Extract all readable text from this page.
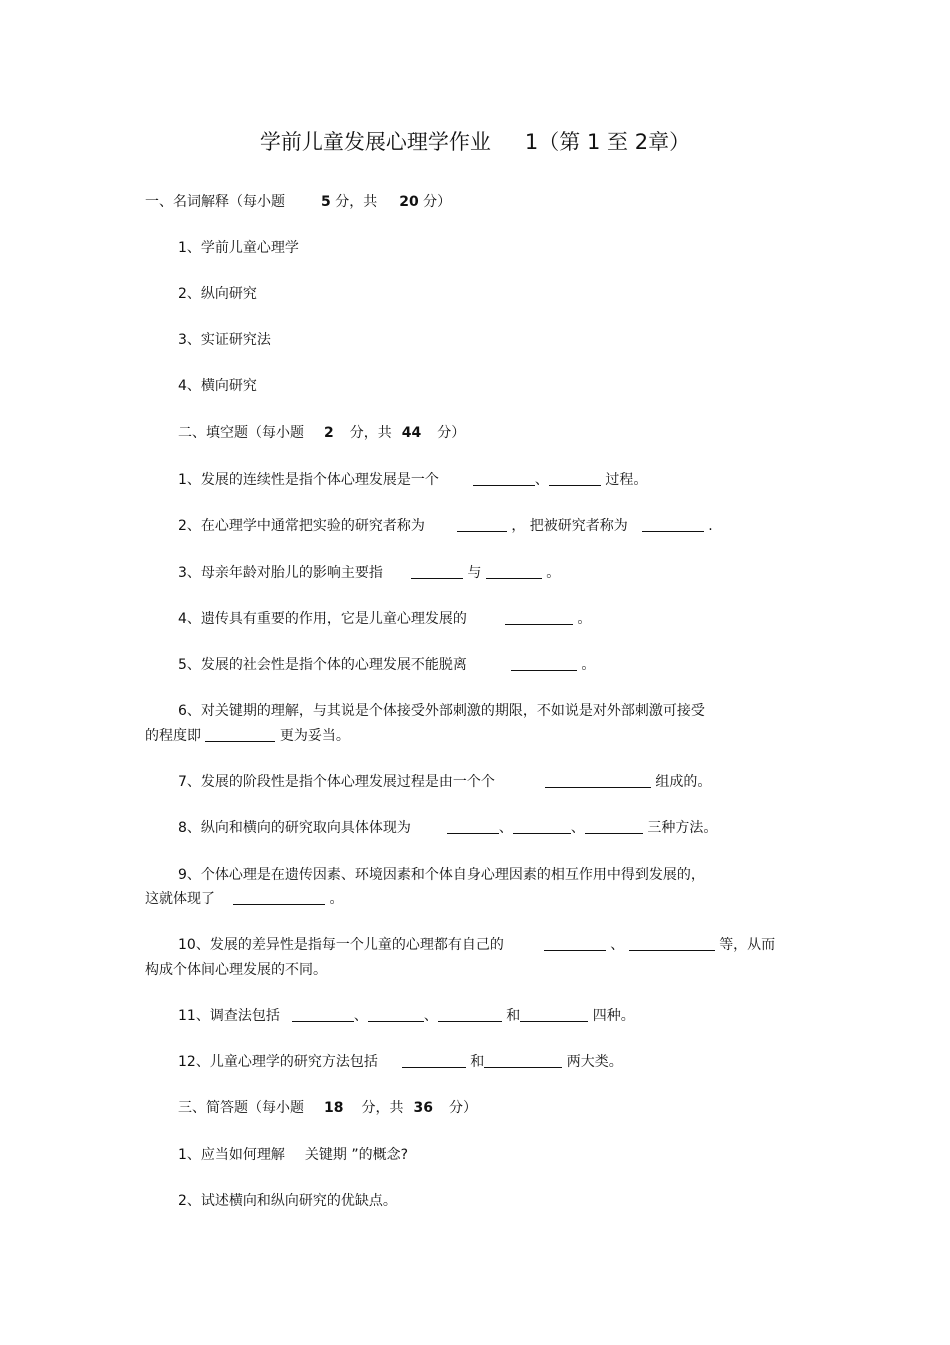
学前儿童发展心理学作业 1（第 1 至 2章）
一、名词解释（每小题	5 分，共 20 分）
1、学前儿童心理学
2、纵向研究
3、实证研究法
4、横向研究
二、填空题（每小题 2 分，共 44 分）
1、发展的连续性是指个体心理发展是一个	、	过程。
2、在心理学中通常把实验的研究者称为	， 把被研究者称为	.
3、母亲年龄对胎儿的影响主要指	与	。
4、遗传具有重要的作用，它是儿童心理发展的	。
5、发展的社会性是指个体的心理发展不能脱离	。
6、对关键期的理解，与其说是个体接受外部刺激的期限，不如说是对外部刺激可接受
的程度即	更为妥当。
7、发展的阶段性是指个体心理发展过程是由一个个	组成的。
8、纵向和横向的研究取向具体体现为	、	、	三种方法。
9、个体心理是在遗传因素、环境因素和个体自身心理因素的相互作用中得到发展的，
这就体现了	。
10、发展的差异性是指每一个儿童的心理都有自己的	、	等，从而
构成个体间心理发展的不同。
11、调查法包括	、	、	和	四种。
12、儿童心理学的研究方法包括	和	两大类。
三、简答题（每小题 18 分，共 36 分）
1、应当如何理解 关键期 ”的概念?
2、试述横向和纵向研究的优缺点。
